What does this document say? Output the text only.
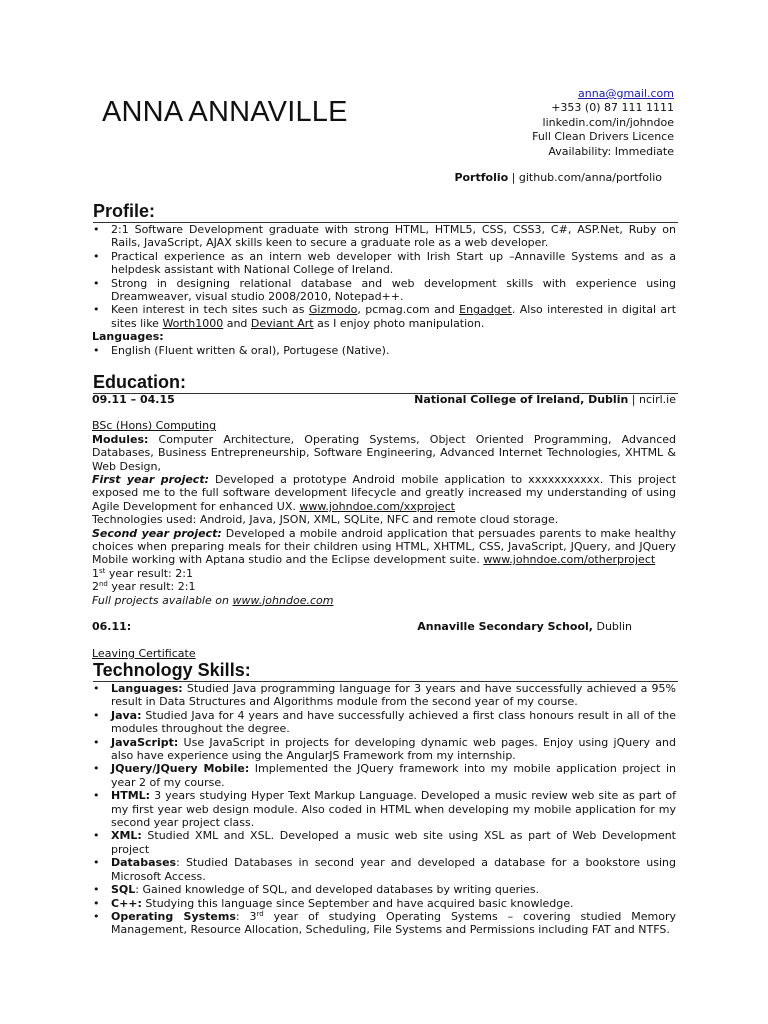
ANNA ANNAVILLE
anna@gmail.com
+353 (0) 87 111 1111
linkedin.com/in/johndoe
Full Clean Drivers Licence
Availability: Immediate
Portfolio | github.com/anna/portfolio
Profile:
• 2:1 Software Development graduate with strong HTML, HTML5, CSS, CSS3, C#, ASP.Net, Ruby on Rails, JavaScript, AJAX skills keen to secure a graduate role as a web developer.
• Practical experience as an intern web developer with Irish Start up –Annaville Systems and as a helpdesk assistant with National College of Ireland.
• Strong in designing relational database and web development skills with experience using Dreamweaver, visual studio 2008/2010, Notepad++.
• Keen interest in tech sites such as Gizmodo, pcmag.com and Engadget. Also interested in digital art sites like Worth1000 and Deviant Art as I enjoy photo manipulation.

Languages:

• English (Fluent written & oral), Portugese (Native).
Education:
09.11 – 04.15	National College of Ireland, Dublin | ncirl.ie

BSc (Hons) Computing

Modules: Computer Architecture, Operating Systems, Object Oriented Programming, Advanced Databases, Business Entrepreneurship, Software Engineering, Advanced Internet Technologies, XHTML & Web Design,

First year project: Developed a prototype Android mobile application to xxxxxxxxxxx. This project exposed me to the full software development lifecycle and greatly increased my understanding of using Agile Development for enhanced UX. www.johndoe.com/xxproject

Technologies used: Android, Java, JSON, XML, SQLite, NFC and remote cloud storage.

Second year project: Developed a mobile android application that persuades parents to make healthy choices when preparing meals for their children using HTML, XHTML, CSS, JavaScript, JQuery, and JQuery Mobile working with Aptana studio and the Eclipse development suite. www.johndoe.com/otherproject

1st year result: 2:1

2nd year result: 2:1

Full projects available on www.johndoe.com

06.11:	Annaville Secondary School, Dublin

Leaving Certificate

Technology Skills:
• Languages: Studied Java programming language for 3 years and have successfully achieved a 95% result in Data Structures and Algorithms module from the second year of my course.
• Java: Studied Java for 4 years and have successfully achieved a first class honours result in all of the modules throughout the degree.
• JavaScript: Use JavaScript in projects for developing dynamic web pages. Enjoy using jQuery and also have experience using the AngularJS Framework from my internship.
• JQuery/JQuery Mobile: Implemented the JQuery framework into my mobile application project in year 2 of my course.
• HTML: 3 years studying Hyper Text Markup Language. Developed a music review web site as part of my first year web design module. Also coded in HTML when developing my mobile application for my second year project class.
• XML: Studied XML and XSL. Developed a music web site using XSL as part of Web Development project
• Databases: Studied Databases in second year and developed a database for a bookstore using Microsoft Access.
• SQL: Gained knowledge of SQL, and developed databases by writing queries.
• C++: Studying this language since September and have acquired basic knowledge.
• Operating Systems: 3rd year of studying Operating Systems – covering studied Memory Management, Resource Allocation, Scheduling, File Systems and Permissions including FAT and NTFS.
